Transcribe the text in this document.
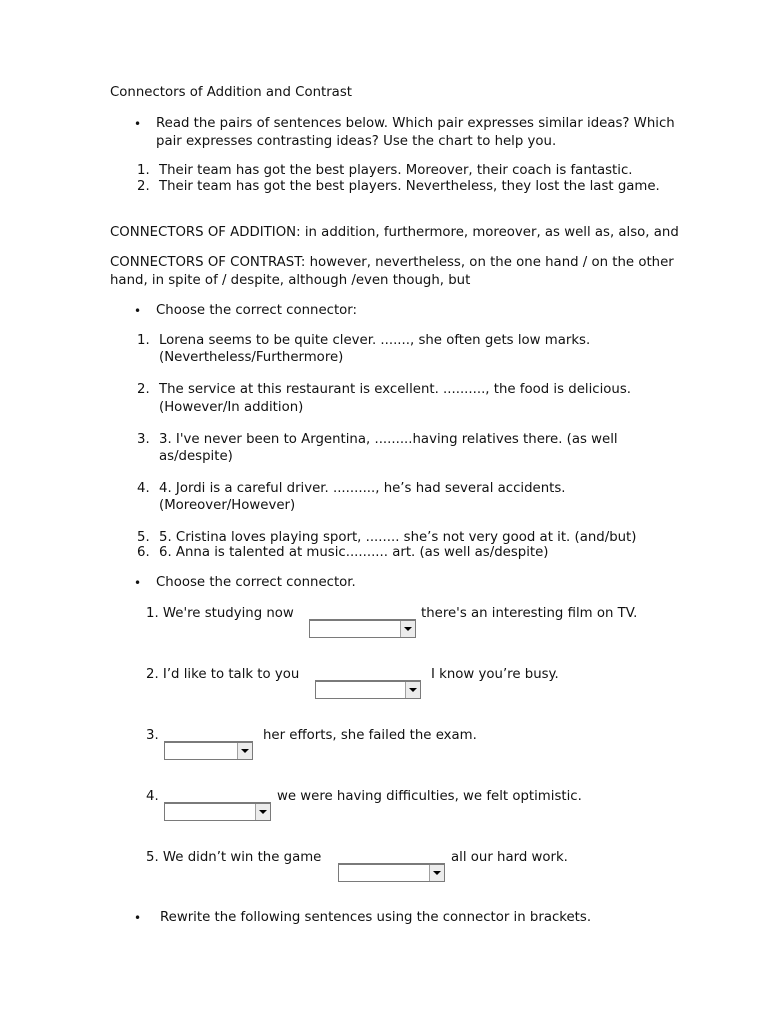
Connectors of Addition and Contrast
• Read the pairs of sentences below. Which pair expresses similar ideas? Which
pair expresses contrasting ideas? Use the chart to help you.
1. Their team has got the best players. Moreover, their coach is fantastic.
2. Their team has got the best players. Nevertheless, they lost the last game.
CONNECTORS OF ADDITION: in addition, furthermore, moreover, as well as, also, and
CONNECTORS OF CONTRAST: however, nevertheless, on the one hand / on the other
hand, in spite of / despite, although /even though, but
• Choose the correct connector:
1. Lorena seems to be quite clever. ......., she often gets low marks.
(Nevertheless/Furthermore)
2. The service at this restaurant is excellent. .........., the food is delicious.
(However/In addition)
3. 3. I've never been to Argentina, .........having relatives there. (as well
as/despite)
4. 4. Jordi is a careful driver. .........., he’s had several accidents.
(Moreover/However)
5. 5. Cristina loves playing sport, ........ she’s not very good at it. (and/but)
6. 6. Anna is talented at music.......... art. (as well as/despite)
• Choose the correct connector.
1. We're studying now	there's an interesting film on TV.
2. I’d like to talk to you	I know you’re busy.
3.	her efforts, she failed the exam.
4.	we were having difficulties, we felt optimistic.
5. We didn’t win the game	all our hard work.
• Rewrite the following sentences using the connector in brackets.
